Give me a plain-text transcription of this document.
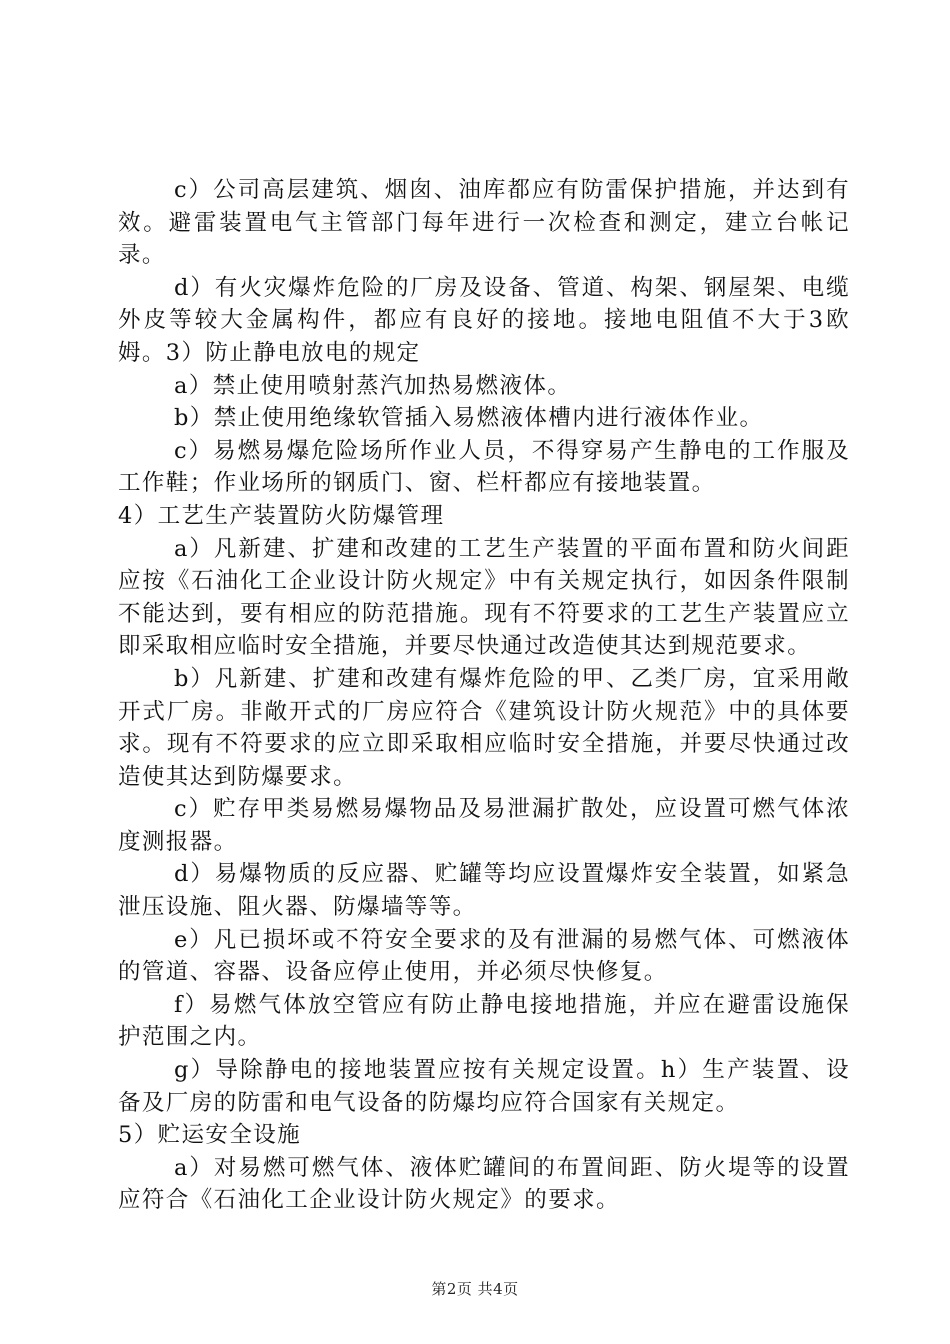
c）公司高层建筑、烟囱、油库都应有防雷保护措施，并达到有效。避雷装置电气主管部门每年进行一次检查和测定，建立台帐记录。

d）有火灾爆炸危险的厂房及设备、管道、构架、钢屋架、电缆外皮等较大金属构件，都应有良好的接地。接地电阻值不大于3欧姆。3）防止静电放电的规定

a）禁止使用喷射蒸汽加热易燃液体。

b）禁止使用绝缘软管插入易燃液体槽内进行液体作业。

c）易燃易爆危险场所作业人员，不得穿易产生静电的工作服及工作鞋；作业场所的钢质门、窗、栏杆都应有接地装置。

4）工艺生产装置防火防爆管理

a）凡新建、扩建和改建的工艺生产装置的平面布置和防火间距应按《石油化工企业设计防火规定》中有关规定执行，如因条件限制不能达到，要有相应的防范措施。现有不符要求的工艺生产装置应立即采取相应临时安全措施，并要尽快通过改造使其达到规范要求。

b）凡新建、扩建和改建有爆炸危险的甲、乙类厂房，宜采用敞开式厂房。非敞开式的厂房应符合《建筑设计防火规范》中的具体要求。现有不符要求的应立即采取相应临时安全措施，并要尽快通过改造使其达到防爆要求。

c）贮存甲类易燃易爆物品及易泄漏扩散处，应设置可燃气体浓度测报器。

d）易爆物质的反应器、贮罐等均应设置爆炸安全装置，如紧急泄压设施、阻火器、防爆墙等等。

e）凡已损坏或不符安全要求的及有泄漏的易燃气体、可燃液体的管道、容器、设备应停止使用，并必须尽快修复。

f）易燃气体放空管应有防止静电接地措施，并应在避雷设施保护范围之内。

g）导除静电的接地装置应按有关规定设置。h）生产装置、设备及厂房的防雷和电气设备的防爆均应符合国家有关规定。

5）贮运安全设施

a）对易燃可燃气体、液体贮罐间的布置间距、防火堤等的设置应符合《石油化工企业设计防火规定》的要求。

第2页 共4页
